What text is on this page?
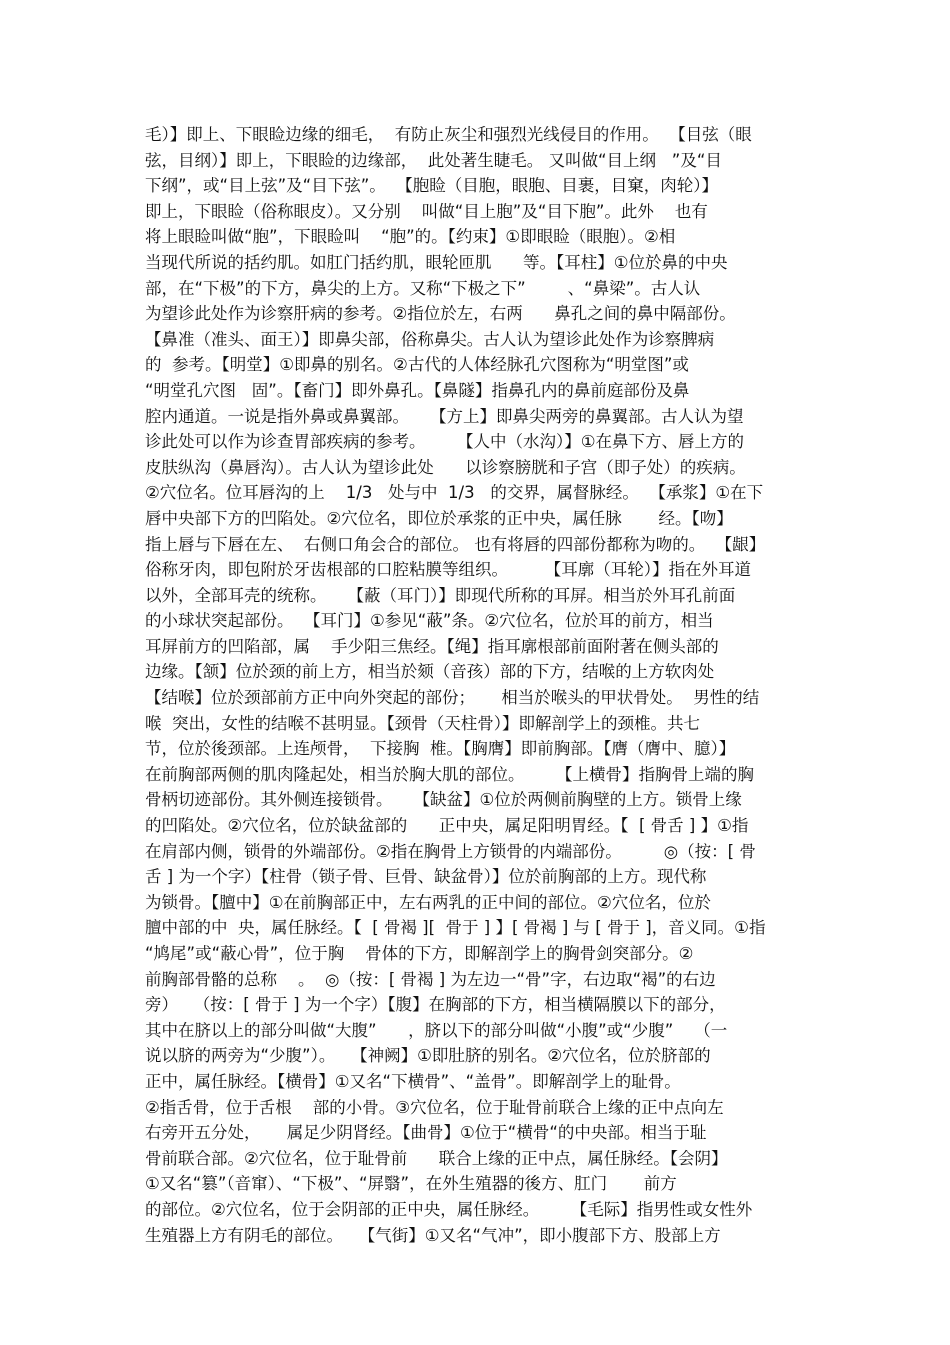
毛）】即上、下眼睑边缘的细毛，  有防止灰尘和强烈光线侵目的作用。  【目弦（眼
弦，目纲）】即上，下眼睑的边缘部，  此处著生睫毛。 又叫做“目上纲   ”及“目
下纲”，或“目上弦”及“目下弦”。  【胞睑（目胞，眼胞、目裹，目窠，肉轮）】
即上，下眼睑（俗称眼皮）。又分别    叫做“目上胞”及“目下胞”。此外    也有
将上眼睑叫做“胞”，下眼睑叫    “胞”的。【约束】①即眼睑（眼胞）。②相
当现代所说的括约肌。如肛门括约肌，眼轮匝肌      等。【耳柱】①位於鼻的中央
部，在“下极”的下方，鼻尖的上方。又称“下极之下”        、“鼻梁”。古人认
为望诊此处作为诊察肝病的参考。②指位於左，右两      鼻孔之间的鼻中隔部份。
【鼻准（准头、面王）】即鼻尖部，俗称鼻尖。古人认为望诊此处作为诊察脾病
的  参考。【明堂】①即鼻的别名。②古代的人体经脉孔穴图称为“明堂图”或
“明堂孔穴图   固”。【畜门】即外鼻孔。【鼻隧】指鼻孔内的鼻前庭部份及鼻
腔内通道。一说是指外鼻或鼻翼部。    【方上】即鼻尖两旁的鼻翼部。古人认为望
诊此处可以作为诊查胃部疾病的参考。      【人中（水沟）】①在鼻下方、唇上方的
皮肤纵沟（鼻唇沟）。古人认为望诊此处      以诊察膀胱和子宫（即子处）的疾病。
②穴位名。位耳唇沟的上    1/3   处与中  1/3   的交界，属督脉经。  【承浆】①在下
唇中央部下方的凹陷处。②穴位名，即位於承浆的正中央，属任脉       经。【吻】
指上唇与下唇在左、  右侧口角会合的部位。 也有将唇的四部份都称为吻的。  【龈】
俗称牙肉，即包附於牙齿根部的口腔粘膜等组织。       【耳廓（耳轮）】指在外耳道
以外，全部耳壳的统称。    【蔽（耳门）】即现代所称的耳屏。相当於外耳孔前面
的小球状突起部份。  【耳门】①参见“蔽”条。②穴位名，位於耳的前方，相当
耳屏前方的凹陷部，属    手少阳三焦经。【绳】指耳廓根部前面附著在侧头部的
边缘。【颔】位於颈的前上方，相当於颏（音孩）部的下方，结喉的上方软肉处
【结喉】位於颈部前方正中向外突起的部份；     相当於喉头的甲状骨处。  男性的结
喉  突出，女性的结喉不甚明显。【颈骨（天柱骨）】即解剖学上的颈椎。共七
节，位於後颈部。上连颅骨，  下接胸  椎。【胸膺】即前胸部。【膺（膺中、臆）】
在前胸部两侧的肌肉隆起处，相当於胸大肌的部位。      【上横骨】指胸骨上端的胸
骨柄切迹部份。其外侧连接锁骨。    【缺盆】①位於两侧前胸壁的上方。锁骨上缘
的凹陷处。②穴位名，位於缺盆部的      正中央，属足阳明胃经。【  [ 骨舌 ] 】①指
在肩部内侧，锁骨的外端部份。②指在胸骨上方锁骨的内端部份。        ◎（按：[ 骨
舌 ] 为一个字）【柱骨（锁子骨、巨骨、缺盆骨）】位於前胸部的上方。现代称
为锁骨。【膻中】①在前胸部正中，左右两乳的正中间的部位。②穴位名，位於
膻中部的中  央，属任脉经。【  [ 骨褐 ][  骨于 ] 】[ 骨褐 ] 与 [ 骨于 ]，音义同。①指
“鸠尾”或“蔽心骨”，位于胸    骨体的下方，即解剖学上的胸骨剑突部分。②
前胸部骨骼的总称    。  ◎（按：[ 骨褐 ] 为左边一“骨”字，右边取“褐”的右边
旁）   （按：[ 骨于 ] 为一个字）【腹】在胸部的下方，相当横隔膜以下的部分，
其中在脐以上的部分叫做“大腹”      ，脐以下的部分叫做“小腹”或“少腹”    （一
说以脐的两旁为“少腹”）。   【神阙】①即肚脐的别名。②穴位名，位於脐部的
正中，属任脉经。【横骨】①又名“下横骨”、“盖骨”。即解剖学上的耻骨。
②指舌骨，位于舌根    部的小骨。③穴位名，位于耻骨前联合上缘的正中点向左
右旁开五分处，     属足少阴肾经。【曲骨】①位于“横骨“的中央部。相当于耻
骨前联合部。②穴位名，位于耻骨前      联合上缘的正中点，属任脉经。【会阴】
①又名“篡”（音窜）、“下极”、“屏翳”，在外生殖器的後方、肛门       前方
的部位。②穴位名，位于会阴部的正中央，属任脉经。      【毛际】指男性或女性外
生殖器上方有阴毛的部位。   【气街】①又名“气冲”，即小腹部下方、股部上方
